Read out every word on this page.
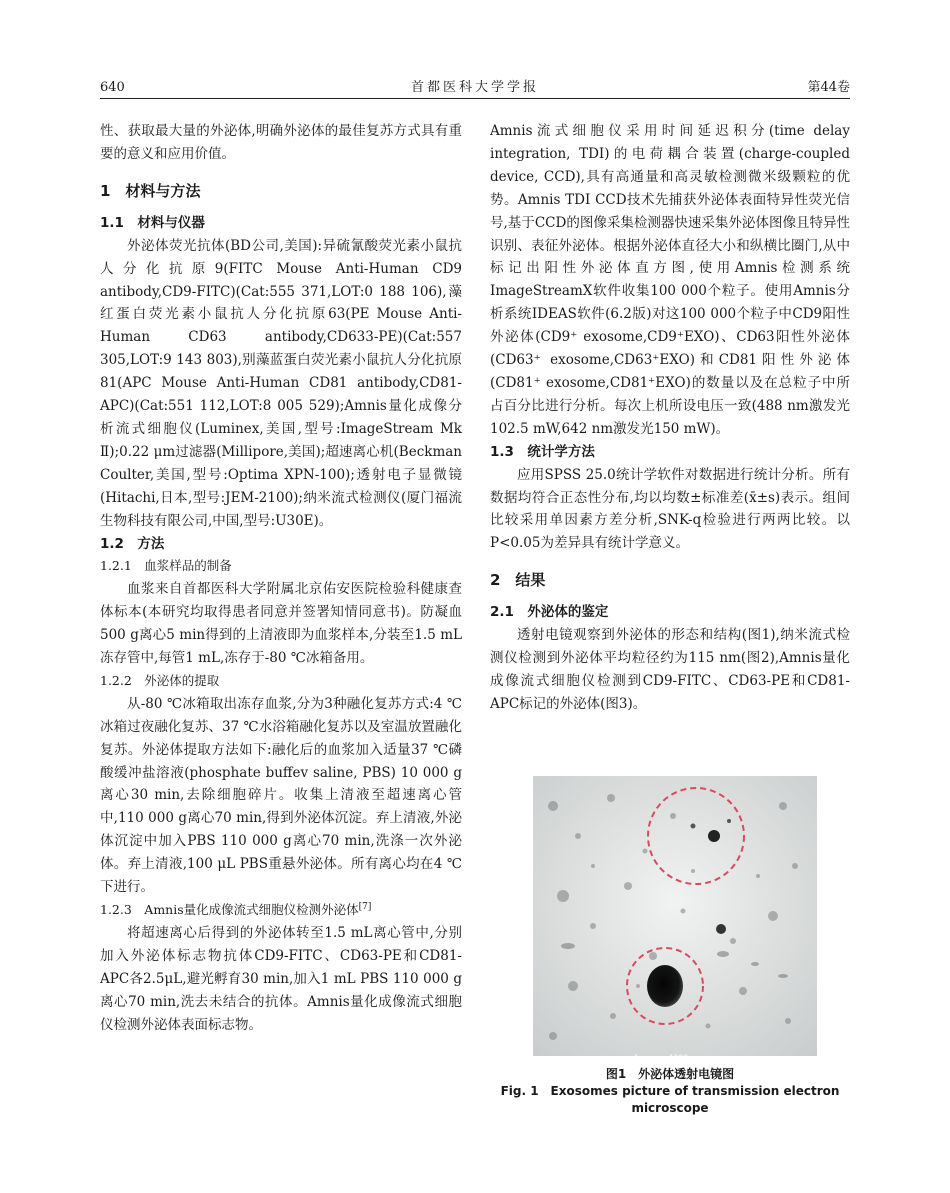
640	首都医科大学学报	第44卷

性、获取最大量的外泌体,明确外泌体的最佳复苏方式具有重要的意义和应用价值。

1　材料与方法
1.1　材料与仪器

外泌体荧光抗体(BD公司,美国):异硫氰酸荧光素小鼠抗人分化抗原9(FITC Mouse Anti-Human CD9 antibody,CD9-FITC)(Cat:555 371,LOT:0 188 106),藻红蛋白荧光素小鼠抗人分化抗原63(PE Mouse Anti-Human CD63 antibody,CD633-PE)(Cat:557 305,LOT:9 143 803),别藻蓝蛋白荧光素小鼠抗人分化抗原81(APC Mouse Anti-Human CD81 antibody,CD81-APC)(Cat:551 112,LOT:8 005 529);Amnis量化成像分析流式细胞仪(Luminex,美国,型号:ImageStream Mk Ⅱ);0.22 μm过滤器(Millipore,美国);超速离心机(Beckman Coulter,美国,型号:Optima XPN-100);透射电子显微镜(Hitachi,日本,型号:JEM-2100);纳米流式检测仪(厦门福流生物科技有限公司,中国,型号:U30E)。

1.2　方法
1.2.1　血浆样品的制备

血浆来自首都医科大学附属北京佑安医院检验科健康查体标本(本研究均取得患者同意并签署知情同意书)。防凝血500 g离心5 min得到的上清液即为血浆样本,分装至1.5 mL冻存管中,每管1 mL,冻存于-80 ℃冰箱备用。

1.2.2　外泌体的提取

从-80 ℃冰箱取出冻存血浆,分为3种融化复苏方式:4 ℃冰箱过夜融化复苏、37 ℃水浴箱融化复苏以及室温放置融化复苏。外泌体提取方法如下:融化后的血浆加入适量37 ℃磷酸缓冲盐溶液(phosphate buffev saline, PBS) 10 000 g离心30 min,去除细胞碎片。收集上清液至超速离心管中,110 000 g离心70 min,得到外泌体沉淀。弃上清液,外泌体沉淀中加入PBS 110 000 g离心70 min,洗涤一次外泌体。弃上清液,100 μL PBS重悬外泌体。所有离心均在4 ℃下进行。

1.2.3　Amnis量化成像流式细胞仪检测外泌体[7]

将超速离心后得到的外泌体转至1.5 mL离心管中,分别加入外泌体标志物抗体CD9-FITC、CD63-PE和CD81-APC各2.5μL,避光孵育30 min,加入1 mL PBS 110 000 g离心70 min,洗去未结合的抗体。Amnis量化成像流式细胞仪检测外泌体表面标志物。

Amnis流式细胞仪采用时间延迟积分(time delay integration, TDI)的电荷耦合装置(charge-coupled device, CCD),具有高通量和高灵敏检测微米级颗粒的优势。Amnis TDI CCD技术先捕获外泌体表面特异性荧光信号,基于CCD的图像采集检测器快速采集外泌体图像且特异性识别、表征外泌体。根据外泌体直径大小和纵横比圈门,从中标记出阳性外泌体直方图,使用Amnis检测系统ImageStreamX软件收集100 000个粒子。使用Amnis分析系统IDEAS软件(6.2版)对这100 000个粒子中CD9阳性外泌体(CD9⁺ exosome,CD9⁺EXO)、CD63阳性外泌体(CD63⁺ exosome,CD63⁺EXO)和CD81阳性外泌体(CD81⁺ exosome,CD81⁺EXO)的数量以及在总粒子中所占百分比进行分析。每次上机所设电压一致(488 nm激发光102.5 mW,642 nm激发光150 mW)。

1.3　统计学方法

应用SPSS 25.0统计学软件对数据进行统计分析。所有数据均符合正态性分布,均以均数±标准差(x̄±s)表示。组间比较采用单因素方差分析,SNK-q检验进行两两比较。以P<0.05为差异具有统计学意义。

2　结果
2.1　外泌体的鉴定

透射电镜观察到外泌体的形态和结构(图1),纳米流式检测仪检测到外泌体平均粒径约为115 nm(图2),Amnis量化成像流式细胞仪检测到CD9-FITC、CD63-PE和CD81-APC标记的外泌体(图3)。

200 nm
图1　外泌体透射电镜图
Fig. 1　Exosomes picture of transmission electron microscope
